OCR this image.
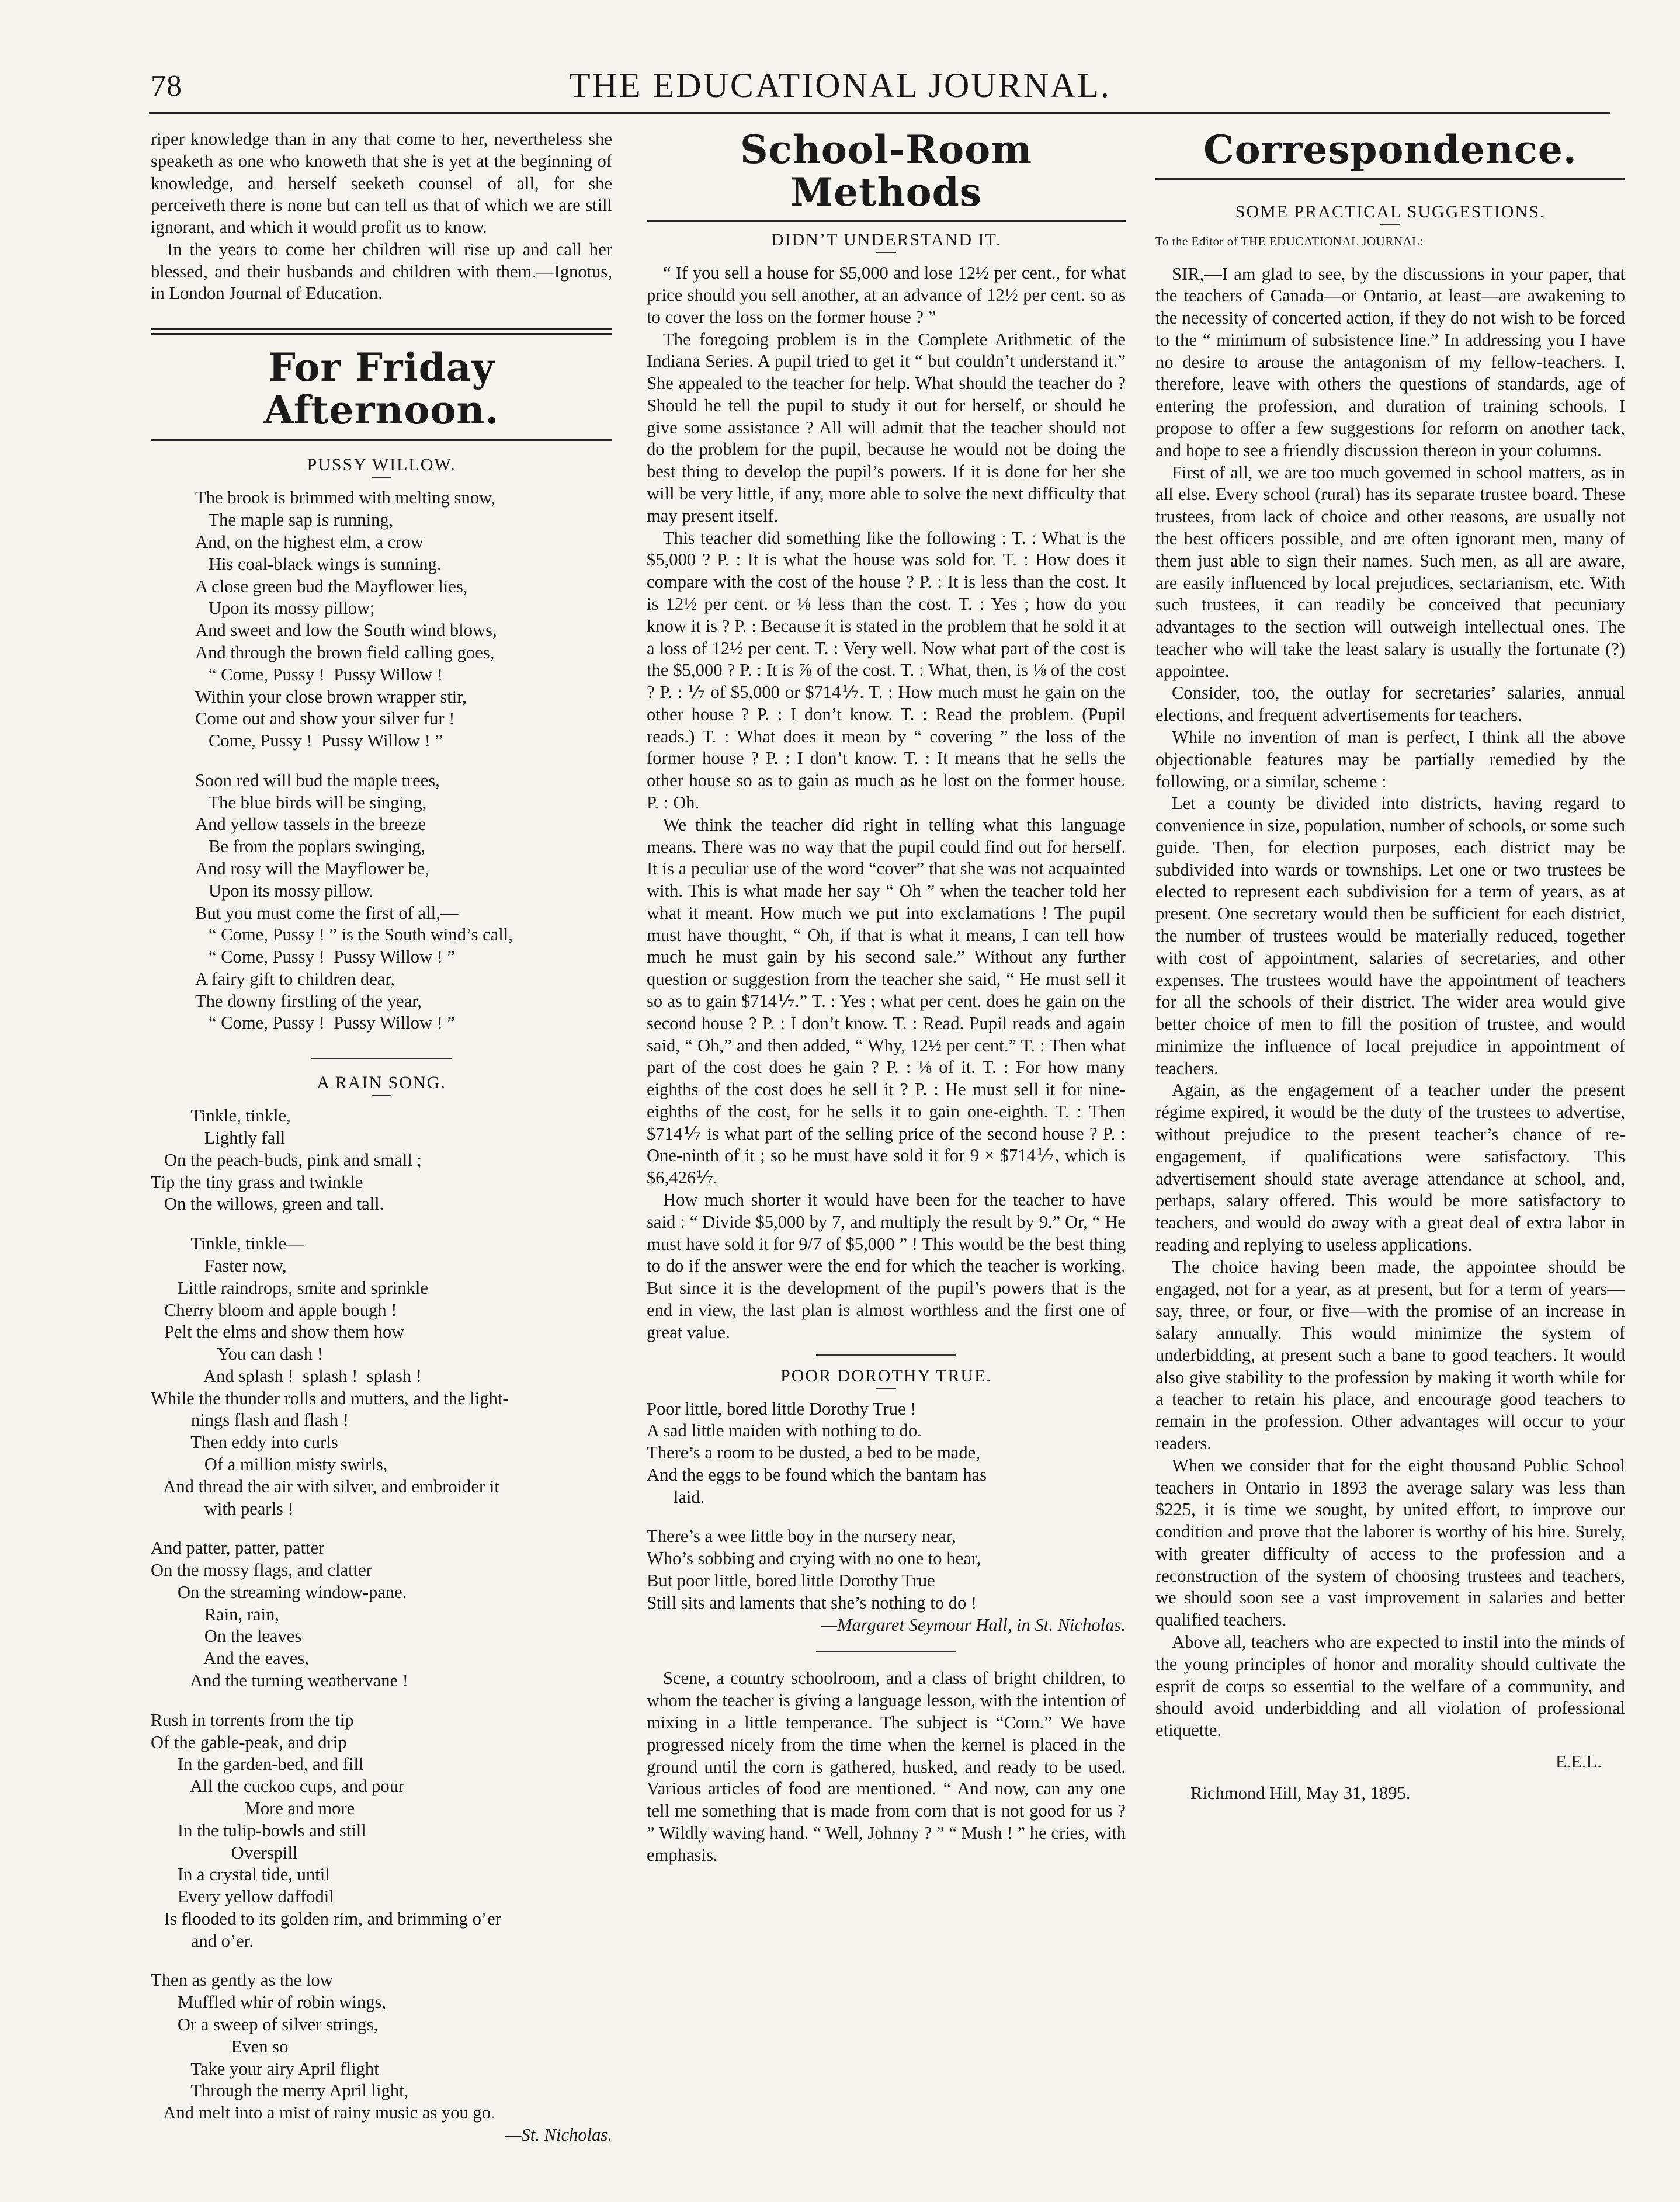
78	THE EDUCATIONAL JOURNAL.

riper knowledge than in any that come to her, nevertheless she speaketh as one who knoweth that she is yet at the beginning of knowledge, and herself seeketh counsel of all, for she perceiveth there is none but can tell us that of which we are still ignorant, and which it would profit us to know.

In the years to come her children will rise up and call her blessed, and their husbands and children with them.—Ignotus, in London Journal of Education.

For Friday Afternoon.
PUSSY WILLOW.
The brook is brimmed with melting snow,
The maple sap is running,
And, on the highest elm, a crow
His coal-black wings is sunning.
A close green bud the Mayflower lies,
Upon its mossy pillow;
And sweet and low the South wind blows,
And through the brown field calling goes,
“ Come, Pussy !  Pussy Willow !
Within your close brown wrapper stir,
Come out and show your silver fur !
Come, Pussy !  Pussy Willow ! ”
Soon red will bud the maple trees,
The blue birds will be singing,
And yellow tassels in the breeze
Be from the poplars swinging,
And rosy will the Mayflower be,
Upon its mossy pillow.
But you must come the first of all,—
“ Come, Pussy ! ” is the South wind’s call,
“ Come, Pussy !  Pussy Willow ! ”
A fairy gift to children dear,
The downy firstling of the year,
“ Come, Pussy !  Pussy Willow ! ”
A RAIN SONG.
Tinkle, tinkle,
Lightly fall
On the peach-buds, pink and small ;
Tip the tiny grass and twinkle
On the willows, green and tall.
Tinkle, tinkle—
Faster now,
Little raindrops, smite and sprinkle
Cherry bloom and apple bough !
Pelt the elms and show them how
You can dash !
And splash !  splash !  splash !
While the thunder rolls and mutters, and the light-
nings flash and flash !
Then eddy into curls
Of a million misty swirls,
And thread the air with silver, and embroider it
with pearls !
And patter, patter, patter
On the mossy flags, and clatter
On the streaming window-pane.
Rain, rain,
On the leaves
And the eaves,
And the turning weathervane !
Rush in torrents from the tip
Of the gable-peak, and drip
In the garden-bed, and fill
All the cuckoo cups, and pour
More and more
In the tulip-bowls and still
Overspill
In a crystal tide, until
Every yellow daffodil
Is flooded to its golden rim, and brimming o’er
and o’er.
Then as gently as the low
Muffled whir of robin wings,
Or a sweep of silver strings,
Even so
Take your airy April flight
Through the merry April light,
And melt into a mist of rainy music as you go.
—St. Nicholas.
School-Room Methods
DIDN’T UNDERSTAND IT.

“ If you sell a house for $5,000 and lose 12½ per cent., for what price should you sell another, at an advance of 12½ per cent. so as to cover the loss on the former house ? ”

The foregoing problem is in the Complete Arithmetic of the Indiana Series. A pupil tried to get it “ but couldn’t understand it.” She appealed to the teacher for help. What should the teacher do ? Should he tell the pupil to study it out for herself, or should he give some assistance ? All will admit that the teacher should not do the problem for the pupil, because he would not be doing the best thing to develop the pupil’s powers. If it is done for her she will be very little, if any, more able to solve the next difficulty that may present itself.

This teacher did something like the following : T. : What is the $5,000 ? P. : It is what the house was sold for. T. : How does it compare with the cost of the house ? P. : It is less than the cost. It is 12½ per cent. or ⅛ less than the cost. T. : Yes ; how do you know it is ? P. : Because it is stated in the problem that he sold it at a loss of 12½ per cent. T. : Very well. Now what part of the cost is the $5,000 ? P. : It is ⅞ of the cost. T. : What, then, is ⅛ of the cost ? P. : ⅐ of $5,000 or $714⅐. T. : How much must he gain on the other house ? P. : I don’t know. T. : Read the problem. (Pupil reads.) T. : What does it mean by “ covering ” the loss of the former house ? P. : I don’t know. T. : It means that he sells the other house so as to gain as much as he lost on the former house. P. : Oh.

We think the teacher did right in telling what this language means. There was no way that the pupil could find out for herself. It is a peculiar use of the word “cover” that she was not acquainted with. This is what made her say “ Oh ” when the teacher told her what it meant. How much we put into exclamations ! The pupil must have thought, “ Oh, if that is what it means, I can tell how much he must gain by his second sale.” Without any further question or suggestion from the teacher she said, “ He must sell it so as to gain $714⅐.” T. : Yes ; what per cent. does he gain on the second house ? P. : I don’t know. T. : Read. Pupil reads and again said, “ Oh,” and then added, “ Why, 12½ per cent.” T. : Then what part of the cost does he gain ? P. : ⅛ of it. T. : For how many eighths of the cost does he sell it ? P. : He must sell it for nine-eighths of the cost, for he sells it to gain one-eighth. T. : Then $714⅐ is what part of the selling price of the second house ? P. : One-ninth of it ; so he must have sold it for 9 × $714⅐, which is $6,426⅐.

How much shorter it would have been for the teacher to have said : “ Divide $5,000 by 7, and multiply the result by 9.” Or, “ He must have sold it for 9/7 of $5,000 ” ! This would be the best thing to do if the answer were the end for which the teacher is working. But since it is the development of the pupil’s powers that is the end in view, the last plan is almost worthless and the first one of great value.

POOR DOROTHY TRUE.
Poor little, bored little Dorothy True !
A sad little maiden with nothing to do.
There’s a room to be dusted, a bed to be made,
And the eggs to be found which the bantam has
laid.
There’s a wee little boy in the nursery near,
Who’s sobbing and crying with no one to hear,
But poor little, bored little Dorothy True
Still sits and laments that she’s nothing to do !
—Margaret Seymour Hall, in St. Nicholas.

Scene, a country schoolroom, and a class of bright children, to whom the teacher is giving a language lesson, with the intention of mixing in a little temperance. The subject is “Corn.” We have progressed nicely from the time when the kernel is placed in the ground until the corn is gathered, husked, and ready to be used. Various articles of food are mentioned. “ And now, can any one tell me something that is made from corn that is not good for us ? ” Wildly waving hand. “ Well, Johnny ? ” “ Mush ! ” he cries, with emphasis.

Correspondence.
SOME PRACTICAL SUGGESTIONS.
To the Editor of THE EDUCATIONAL JOURNAL:

SIR,—I am glad to see, by the discussions in your paper, that the teachers of Canada—or Ontario, at least—are awakening to the necessity of concerted action, if they do not wish to be forced to the “ minimum of subsistence line.” In addressing you I have no desire to arouse the antagonism of my fellow-teachers. I, therefore, leave with others the questions of standards, age of entering the profession, and duration of training schools. I propose to offer a few suggestions for reform on another tack, and hope to see a friendly discussion thereon in your columns.

First of all, we are too much governed in school matters, as in all else. Every school (rural) has its separate trustee board. These trustees, from lack of choice and other reasons, are usually not the best officers possible, and are often ignorant men, many of them just able to sign their names. Such men, as all are aware, are easily influenced by local prejudices, sectarianism, etc. With such trustees, it can readily be conceived that pecuniary advantages to the section will outweigh intellectual ones. The teacher who will take the least salary is usually the fortunate (?) appointee.

Consider, too, the outlay for secretaries’ salaries, annual elections, and frequent advertisements for teachers.

While no invention of man is perfect, I think all the above objectionable features may be partially remedied by the following, or a similar, scheme :

Let a county be divided into districts, having regard to convenience in size, population, number of schools, or some such guide. Then, for election purposes, each district may be subdivided into wards or townships. Let one or two trustees be elected to represent each subdivision for a term of years, as at present. One secretary would then be sufficient for each district, the number of trustees would be materially reduced, together with cost of appointment, salaries of secretaries, and other expenses. The trustees would have the appointment of teachers for all the schools of their district. The wider area would give better choice of men to fill the position of trustee, and would minimize the influence of local prejudice in appointment of teachers.

Again, as the engagement of a teacher under the present régime expired, it would be the duty of the trustees to advertise, without prejudice to the present teacher’s chance of re-engagement, if qualifications were satisfactory. This advertisement should state average attendance at school, and, perhaps, salary offered. This would be more satisfactory to teachers, and would do away with a great deal of extra labor in reading and replying to useless applications.

The choice having been made, the appointee should be engaged, not for a year, as at present, but for a term of years—say, three, or four, or five—with the promise of an increase in salary annually. This would minimize the system of underbidding, at present such a bane to good teachers. It would also give stability to the profession by making it worth while for a teacher to retain his place, and encourage good teachers to remain in the profession. Other advantages will occur to your readers.

When we consider that for the eight thousand Public School teachers in Ontario in 1893 the average salary was less than $225, it is time we sought, by united effort, to improve our condition and prove that the laborer is worthy of his hire. Surely, with greater difficulty of access to the profession and a reconstruction of the system of choosing trustees and teachers, we should soon see a vast improvement in salaries and better qualified teachers.

Above all, teachers who are expected to instil into the minds of the young principles of honor and morality should cultivate the esprit de corps so essential to the welfare of a community, and should avoid underbidding and all violation of professional etiquette.

E.E.L.
Richmond Hill, May 31, 1895.
